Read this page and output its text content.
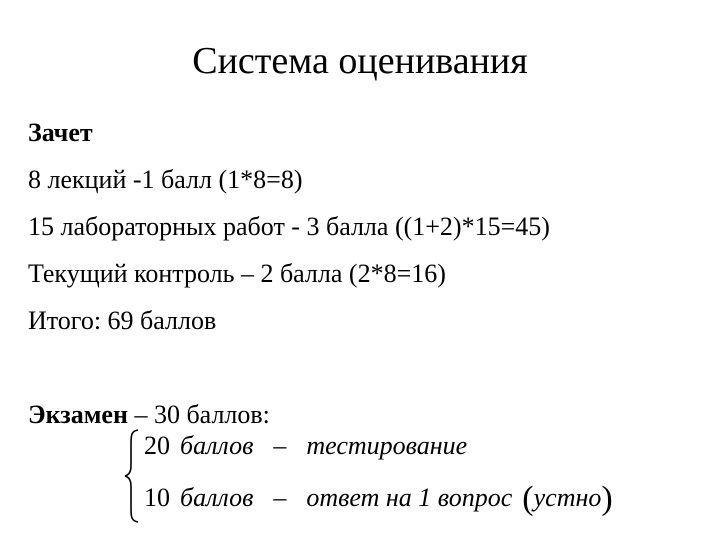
Система оценивания
Зачет
8 лекций -1 балл (1*8=8)
15 лабораторных работ - 3 балла ((1+2)*15=45)
Текущий контроль – 2 балла (2*8=16)
Итого: 69 баллов
Экзамен – 30 баллов:
20 баллов – тестирование
10 баллов – ответ на 1 вопрос (устно)
